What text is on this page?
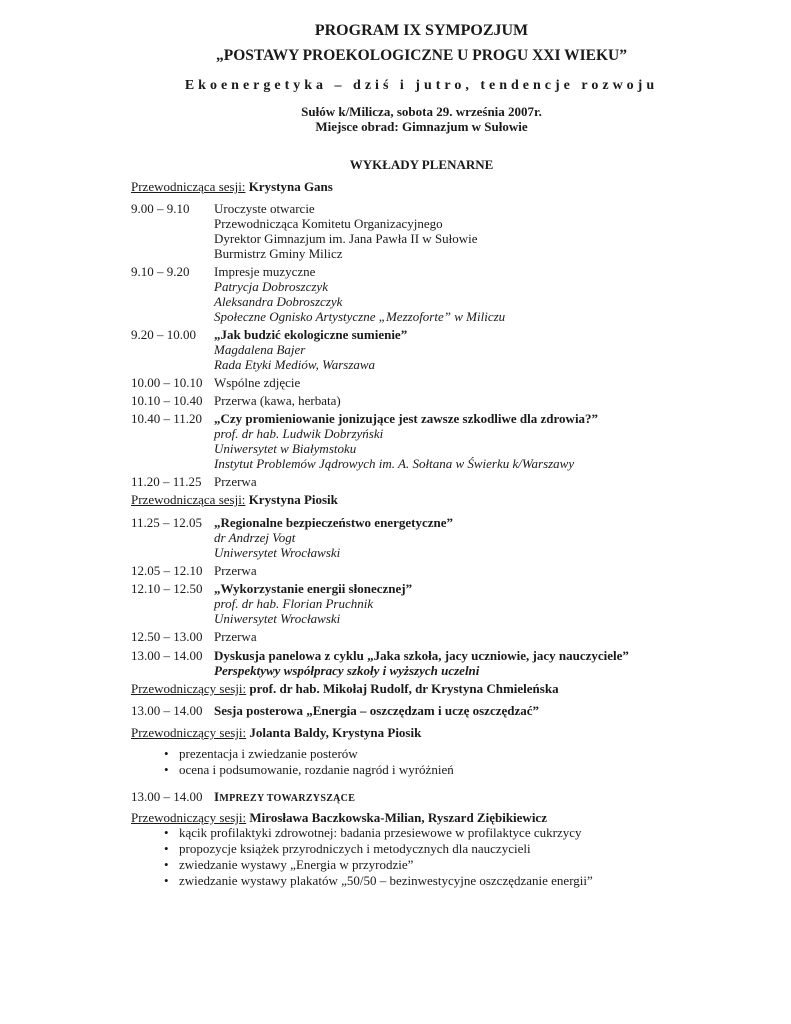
PROGRAM IX SYMPOZJUM
„POSTAWY PROEKOLOGICZNE U PROGU XXI WIEKU”
Ekoenergetyka – dziś i jutro, tendencje rozwoju
Sułów k/Milicza, sobota 29. września 2007r.
Miejsce obrad: Gimnazjum w Sułowie
WYKŁADY PLENARNE
Przewodnicząca sesji: Krystyna Gans
9.00 – 9.10 Uroczyste otwarcie
Przewodnicząca Komitetu Organizacyjnego
Dyrektor Gimnazjum im. Jana Pawła II w Sułowie
Burmistrz Gminy Milicz
9.10 – 9.20 Impresje muzyczne
Patrycja Dobroszczyk
Aleksandra Dobroszczyk
Społeczne Ognisko Artystyczne „Mezzoforte” w Miliczu
9.20 – 10.00 „Jak budzić ekologiczne sumienie”
Magdalena Bajer
Rada Etyki Mediów, Warszawa
10.00 – 10.10 Wspólne zdjęcie
10.10 – 10.40 Przerwa (kawa, herbata)
10.40 – 11.20 „Czy promieniowanie jonizujące jest zawsze szkodliwe dla zdrowia?”
prof. dr hab. Ludwik Dobrzyński
Uniwersytet w Białymstoku
Instytut Problemów Jądrowych im. A. Sołtana w Świerku k/Warszawy
11.20 – 11.25 Przerwa
Przewodnicząca sesji: Krystyna Piosik
11.25 – 12.05 „Regionalne bezpieczeństwo energetyczne”
dr Andrzej Vogt
Uniwersytet Wrocławski
12.05 – 12.10 Przerwa
12.10 – 12.50 „Wykorzystanie energii słonecznej”
prof. dr hab. Florian Pruchnik
Uniwersytet Wrocławski
12.50 – 13.00 Przerwa
13.00 – 14.00 Dyskusja panelowa z cyklu „Jaka szkoła, jacy uczniowie, jacy nauczyciele”
Perspektywy współpracy szkoły i wyższych uczelni
Przewodniczący sesji: prof. dr hab. Mikołaj Rudolf, dr Krystyna Chmieleńska
13.00 – 14.00 Sesja posterowa „Energia – oszczędzam i uczę oszczędzać”
Przewodniczący sesji: Jolanta Baldy, Krystyna Piosik
• prezentacja i zwiedzanie posterów
• ocena i podsumowanie, rozdanie nagród i wyróżnień
13.00 – 14.00 IMPREZY TOWARZYSZĄCE
Przewodniczący sesji: Mirosława Baczkowska-Milian, Ryszard Ziębikiewicz
• kącik profilaktyki zdrowotnej: badania przesiewowe w profilaktyce cukrzycy
• propozycje książek przyrodniczych i metodycznych dla nauczycieli
• zwiedzanie wystawy „Energia w przyrodzie”
• zwiedzanie wystawy plakatów „50/50 – bezinwestycyjne oszczędzanie energii”
